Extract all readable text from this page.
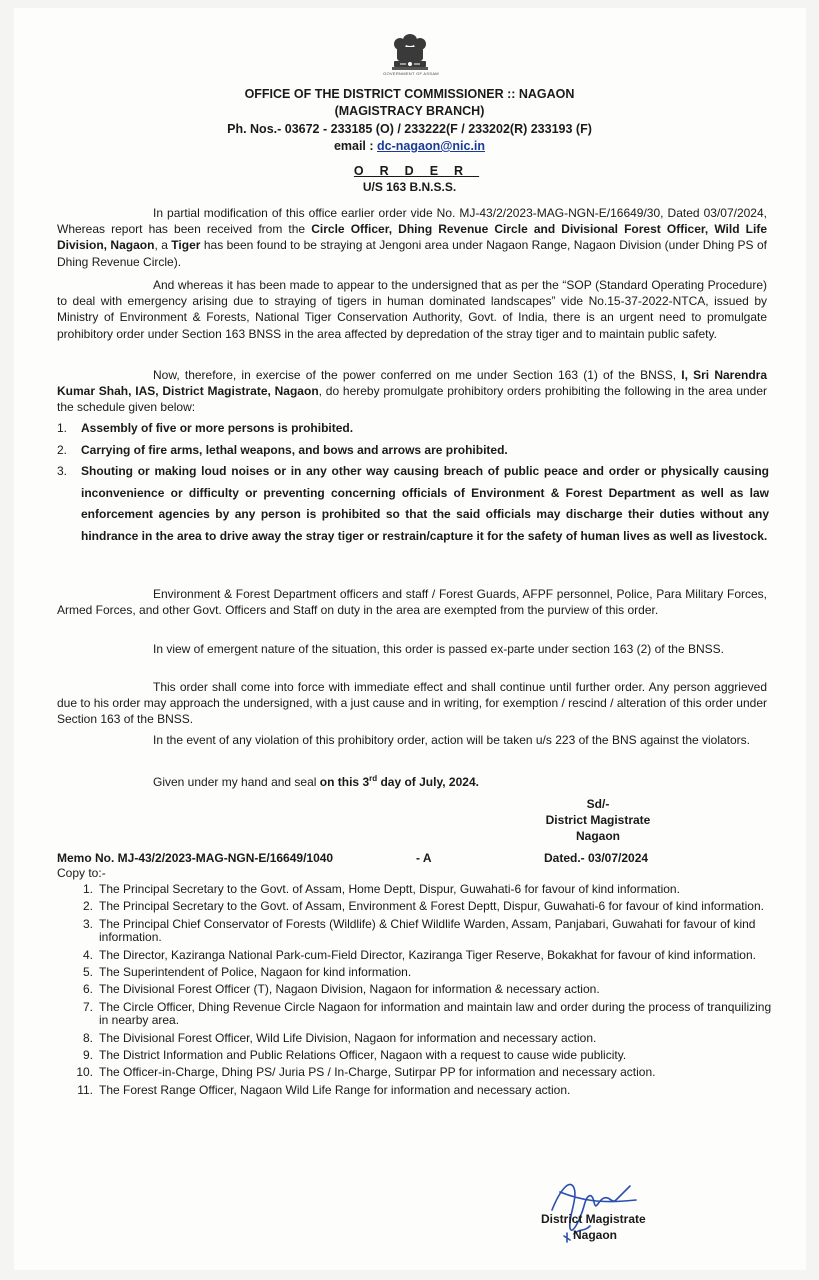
GOVERNMENT OF ASSAM
OFFICE OF THE DISTRICT COMMISSIONER :: NAGAON
(MAGISTRACY BRANCH)
Ph. Nos.- 03672 - 233185 (O) / 233222(F / 233202(R) 233193 (F)
email : dc-nagaon@nic.in
ORDER
U/S 163 B.N.S.S.
In partial modification of this office earlier order vide No. MJ-43/2/2023-MAG-NGN-E/16649/30, Dated 03/07/2024, Whereas report has been received from the Circle Officer, Dhing Revenue Circle and Divisional Forest Officer, Wild Life Division, Nagaon, a Tiger has been found to be straying at Jengoni area under Nagaon Range, Nagaon Division (under Dhing PS of Dhing Revenue Circle).
And whereas it has been made to appear to the undersigned that as per the “SOP (Standard Operating Procedure) to deal with emergency arising due to straying of tigers in human dominated landscapes” vide No.15-37-2022-NTCA, issued by Ministry of Environment & Forests, National Tiger Conservation Authority, Govt. of India, there is an urgent need to promulgate prohibitory order under Section 163 BNSS in the area affected by depredation of the stray tiger and to maintain public safety.
Now, therefore, in exercise of the power conferred on me under Section 163 (1) of the BNSS, I, Sri Narendra Kumar Shah, IAS, District Magistrate, Nagaon, do hereby promulgate prohibitory orders prohibiting the following in the area under the schedule given below:
1. Assembly of five or more persons is prohibited.
2. Carrying of fire arms, lethal weapons, and bows and arrows are prohibited.
3. Shouting or making loud noises or in any other way causing breach of public peace and order or physically causing inconvenience or difficulty or preventing concerning officials of Environment & Forest Department as well as law enforcement agencies by any person is prohibited so that the said officials may discharge their duties without any hindrance in the area to drive away the stray tiger or restrain/capture it for the safety of human lives as well as livestock.
Environment & Forest Department officers and staff / Forest Guards, AFPF personnel, Police, Para Military Forces, Armed Forces, and other Govt. Officers and Staff on duty in the area are exempted from the purview of this order.
In view of emergent nature of the situation, this order is passed ex-parte under section 163 (2) of the BNSS.
This order shall come into force with immediate effect and shall continue until further order. Any person aggrieved due to his order may approach the undersigned, with a just cause and in writing, for exemption / rescind / alteration of this order under Section 163 of the BNSS.
In the event of any violation of this prohibitory order, action will be taken u/s 223 of the BNS against the violators.
Given under my hand and seal on this 3rd day of July, 2024.
Sd/-
District Magistrate
Nagaon
Memo No. MJ-43/2/2023-MAG-NGN-E/16649/1040	- A	Dated.- 03/07/2024
Copy to:-
1. The Principal Secretary to the Govt. of Assam, Home Deptt, Dispur, Guwahati-6 for favour of kind information.
2. The Principal Secretary to the Govt. of Assam, Environment & Forest Deptt, Dispur, Guwahati-6 for favour of kind information.
3. The Principal Chief Conservator of Forests (Wildlife) & Chief Wildlife Warden, Assam, Panjabari, Guwahati for favour of kind information.
4. The Director, Kaziranga National Park-cum-Field Director, Kaziranga Tiger Reserve, Bokakhat for favour of kind information.
5. The Superintendent of Police, Nagaon for kind information.
6. The Divisional Forest Officer (T), Nagaon Division, Nagaon for information & necessary action.
7. The Circle Officer, Dhing Revenue Circle Nagaon for information and maintain law and order during the process of tranquilizing in nearby area.
8. The Divisional Forest Officer, Wild Life Division, Nagaon for information and necessary action.
9. The District Information and Public Relations Officer, Nagaon with a request to cause wide publicity.
10. The Officer-in-Charge, Dhing PS/ Juria PS / In-Charge, Sutirpar PP for information and necessary action.
11. The Forest Range Officer, Nagaon Wild Life Range for information and necessary action.
District Magistrate
Nagaon
